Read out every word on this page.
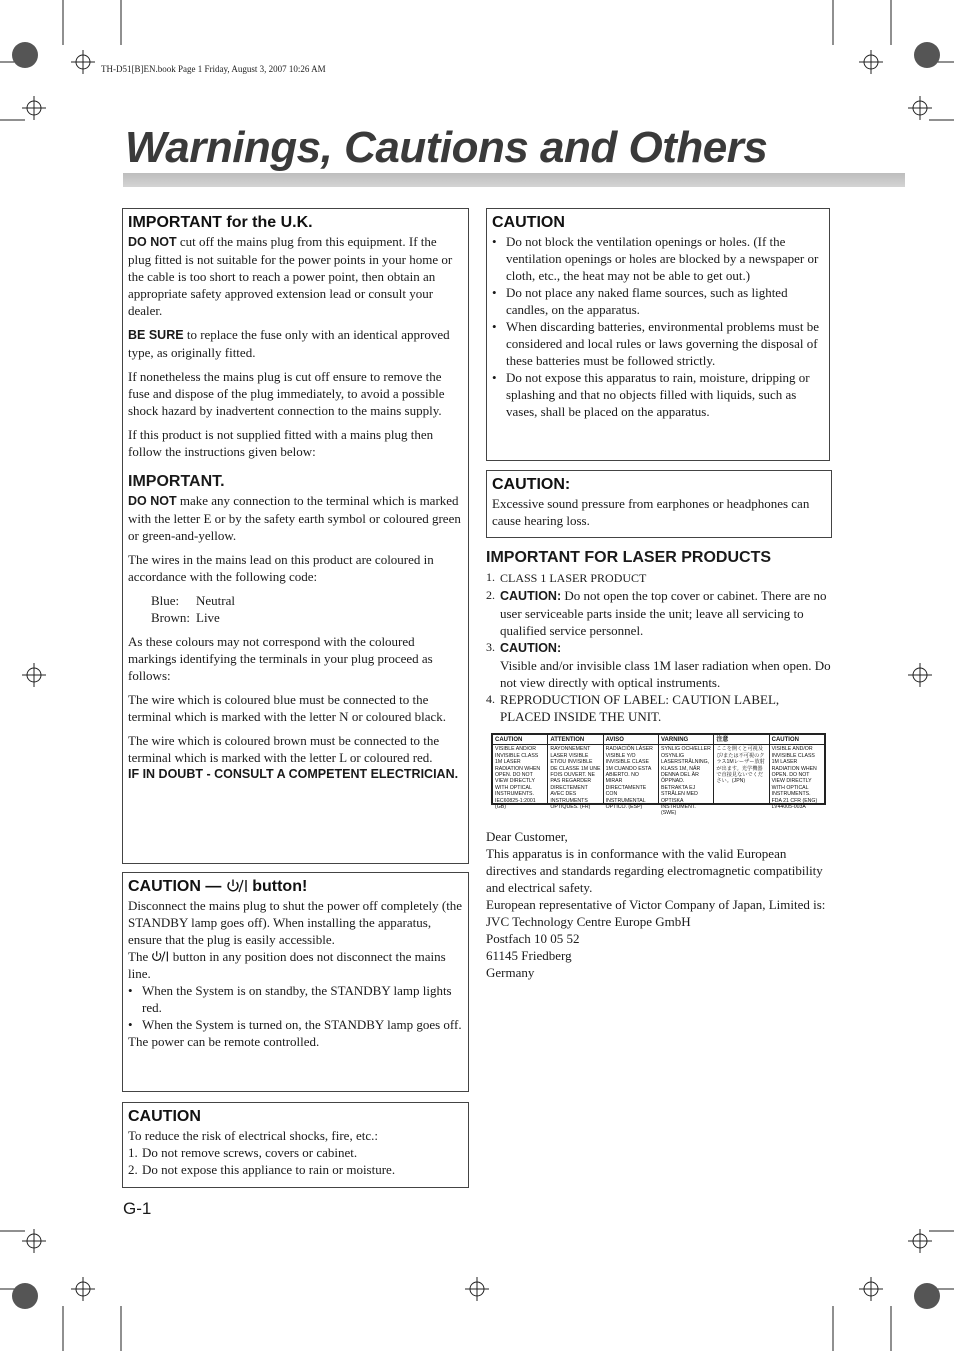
TH-D51[B]EN.book Page 1 Friday, August 3, 2007 10:26 AM
Warnings, Cautions and Others
IMPORTANT for the U.K.

DO NOT cut off the mains plug from this equipment. If the plug fitted is not suitable for the power points in your home or the cable is too short to reach a power point, then obtain an appropriate safety approved extension lead or consult your dealer.

BE SURE to replace the fuse only with an identical approved type, as originally fitted.

If nonetheless the mains plug is cut off ensure to remove the fuse and dispose of the plug immediately, to avoid a possible shock hazard by inadvertent connection to the mains supply.

If this product is not supplied fitted with a mains plug then follow the instructions given below:

IMPORTANT.

DO NOT make any connection to the terminal which is marked with the letter E or by the safety earth symbol or coloured green or green-and-yellow.

The wires in the mains lead on this product are coloured in accordance with the following code:

Blue:	Neutral
Brown: Live

As these colours may not correspond with the coloured markings identifying the terminals in your plug proceed as follows:

The wire which is coloured blue must be connected to the terminal which is marked with the letter N or coloured black.

The wire which is coloured brown must be connected to the terminal which is marked with the letter L or coloured red.

IF IN DOUBT - CONSULT A COMPETENT ELECTRICIAN.

CAUTION —  button!

Disconnect the mains plug to shut the power off completely (the STANDBY lamp goes off). When installing the apparatus, ensure that the plug is easily accessible.

The  button in any position does not disconnect the mains line.

• When the System is on standby, the STANDBY lamp lights red.
• When the System is turned on, the STANDBY lamp goes off.

The power can be remote controlled.

CAUTION

To reduce the risk of electrical shocks, fire, etc.:

1. Do not remove screws, covers or cabinet.
2. Do not expose this appliance to rain or moisture.
CAUTION
• Do not block the ventilation openings or holes. (If the ventilation openings or holes are blocked by a newspaper or cloth, etc., the heat may not be able to get out.)
• Do not place any naked flame sources, such as lighted candles, on the apparatus.
• When discarding batteries, environmental problems must be considered and local rules or laws governing the disposal of these batteries must be followed strictly.
• Do not expose this apparatus to rain, moisture, dripping or splashing and that no objects filled with liquids, such as vases, shall be placed on the apparatus.
CAUTION:

Excessive sound pressure from earphones or headphones can cause hearing loss.

IMPORTANT FOR LASER PRODUCTS
1. CLASS 1 LASER PRODUCT
2. CAUTION: Do not open the top cover or cabinet. There are no user serviceable parts inside the unit; leave all servicing to qualified service personnel.
3. CAUTION:
Visible and/or invisible class 1M laser radiation when open. Do not view directly with optical instruments.
4. REPRODUCTION OF LABEL: CAUTION LABEL, PLACED INSIDE THE UNIT.
CAUTION
VISIBLE AND/OR INVISIBLE CLASS 1M LASER RADIATION WHEN OPEN. DO NOT VIEW DIRECTLY WITH OPTICAL INSTRUMENTS. IEC60825-1:2001 (GB)
ATTENTION
RAYONNEMENT LASER VISIBLE ET/OU INVISIBLE DE CLASSE 1M UNE FOIS OUVERT. NE PAS REGARDER DIRECTEMENT AVEC DES INSTRUMENTS OPTIQUES. (FR)
AVISO
RADIACIÓN LÁSER VISIBLE Y/O INVISIBLE CLASE 1M CUANDO ESTA ABIERTO. NO MIRAR DIRECTAMENTE CON INSTRUMENTAL ÓPTICO. (ESP)
VARNING
SYNLIG OCH/ELLER OSYNLIG LASERSTRÅLNING, KLASS 1M, NÄR DENNA DEL ÄR ÖPPNAD. BETRAKTA EJ STRÅLEN MED OPTISKA INSTRUMENT. (SWE)
注意
ここを開くと可視及び/または不可視のクラス1Mレーザー放射が出ます。光学機器で直接見ないでください。(JPN)
CAUTION
VISIBLE AND/OR INVISIBLE CLASS 1M LASER RADIATION WHEN OPEN. DO NOT VIEW DIRECTLY WITH OPTICAL INSTRUMENTS. FDA 21 CFR (ENG) LV44005-003A
Dear Customer,
This apparatus is in conformance with the valid European directives and standards regarding electromagnetic compatibility and electrical safety.
European representative of Victor Company of Japan, Limited is:
JVC Technology Centre Europe GmbH
Postfach 10 05 52
61145 Friedberg
Germany
G-1
